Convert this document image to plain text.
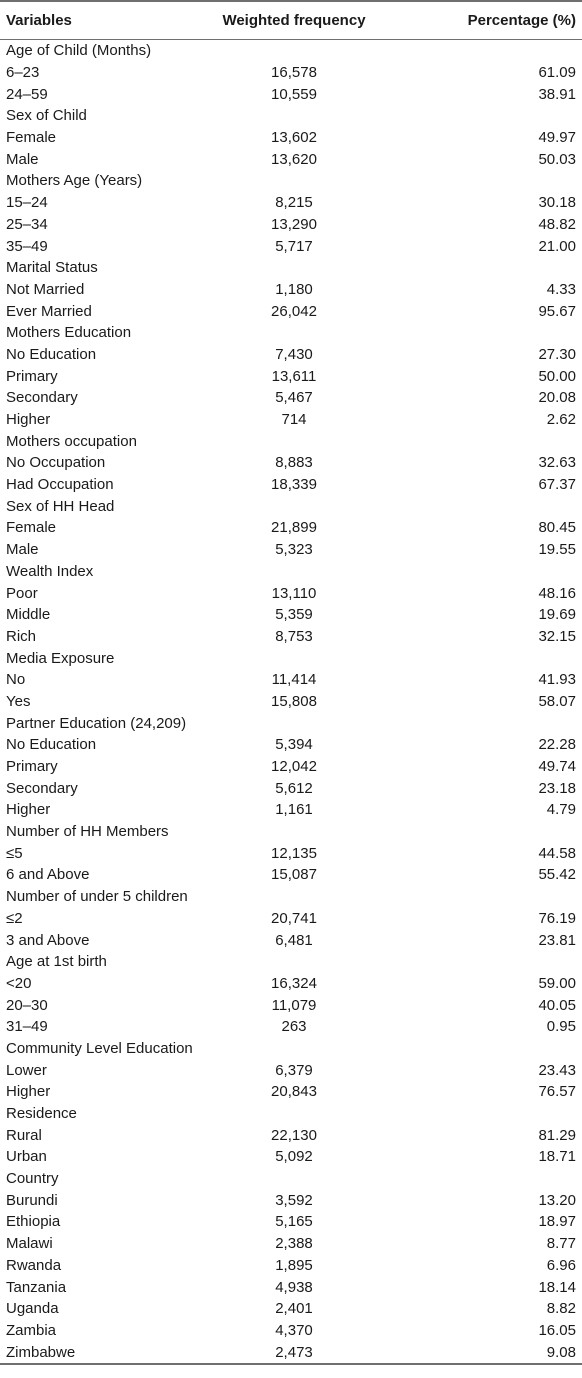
Variables	Weighted frequency	Percentage (%)
Age of Child (Months)		
6–23	16,578	61.09
24–59	10,559	38.91
Sex of Child		
Female	13,602	49.97
Male	13,620	50.03
Mothers Age (Years)		
15–24	8,215	30.18
25–34	13,290	48.82
35–49	5,717	21.00
Marital Status		
Not Married	1,180	4.33
Ever Married	26,042	95.67
Mothers Education		
No Education	7,430	27.30
Primary	13,611	50.00
Secondary	5,467	20.08
Higher	714	2.62
Mothers occupation		
No Occupation	8,883	32.63
Had Occupation	18,339	67.37
Sex of HH Head		
Female	21,899	80.45
Male	5,323	19.55
Wealth Index		
Poor	13,110	48.16
Middle	5,359	19.69
Rich	8,753	32.15
Media Exposure		
No	11,414	41.93
Yes	15,808	58.07
Partner Education (24,209)		
No Education	5,394	22.28
Primary	12,042	49.74
Secondary	5,612	23.18
Higher	1,161	4.79
Number of HH Members		
≤5	12,135	44.58
6 and Above	15,087	55.42
Number of under 5 children		
≤2	20,741	76.19
3 and Above	6,481	23.81
Age at 1st birth		
<20	16,324	59.00
20–30	11,079	40.05
31–49	263	0.95
Community Level Education		
Lower	6,379	23.43
Higher	20,843	76.57
Residence		
Rural	22,130	81.29
Urban	5,092	18.71
Country		
Burundi	3,592	13.20
Ethiopia	5,165	18.97
Malawi	2,388	8.77
Rwanda	1,895	6.96
Tanzania	4,938	18.14
Uganda	2,401	8.82
Zambia	4,370	16.05
Zimbabwe	2,473	9.08
